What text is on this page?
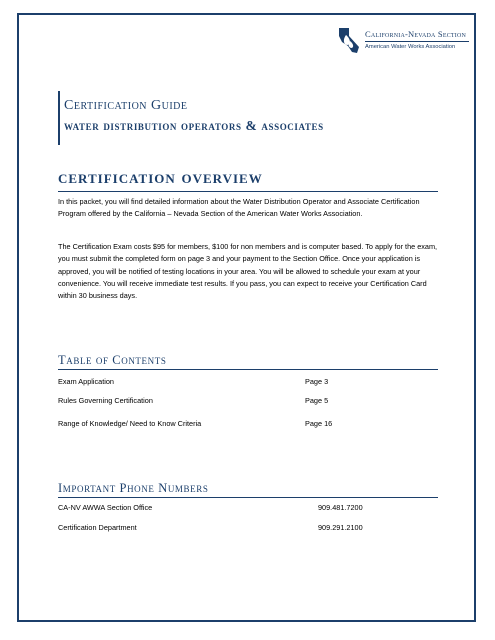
California-Nevada Section
American Water Works Association
Certification Guide
water distribution operators & associates
certification overview
In this packet, you will find detailed information about the Water Distribution Operator and Associate Certification Program offered by the California – Nevada Section of the American Water Works Association.
The Certification Exam costs $95 for members, $100 for non members and is computer based. To apply for the exam, you must submit the completed form on page 3 and your payment to the Section Office. Once your application is approved, you will be notified of testing locations in your area. You will be allowed to schedule your exam at your convenience. You will receive immediate test results. If you pass, you can expect to receive your Certification Card within 30 business days.
Table of Contents
Exam Application	Page 3
Rules Governing Certification	Page 5
Range of Knowledge/ Need to Know Criteria	Page 16
Important Phone Numbers
CA-NV AWWA Section Office	909.481.7200
Certification Department	909.291.2100
